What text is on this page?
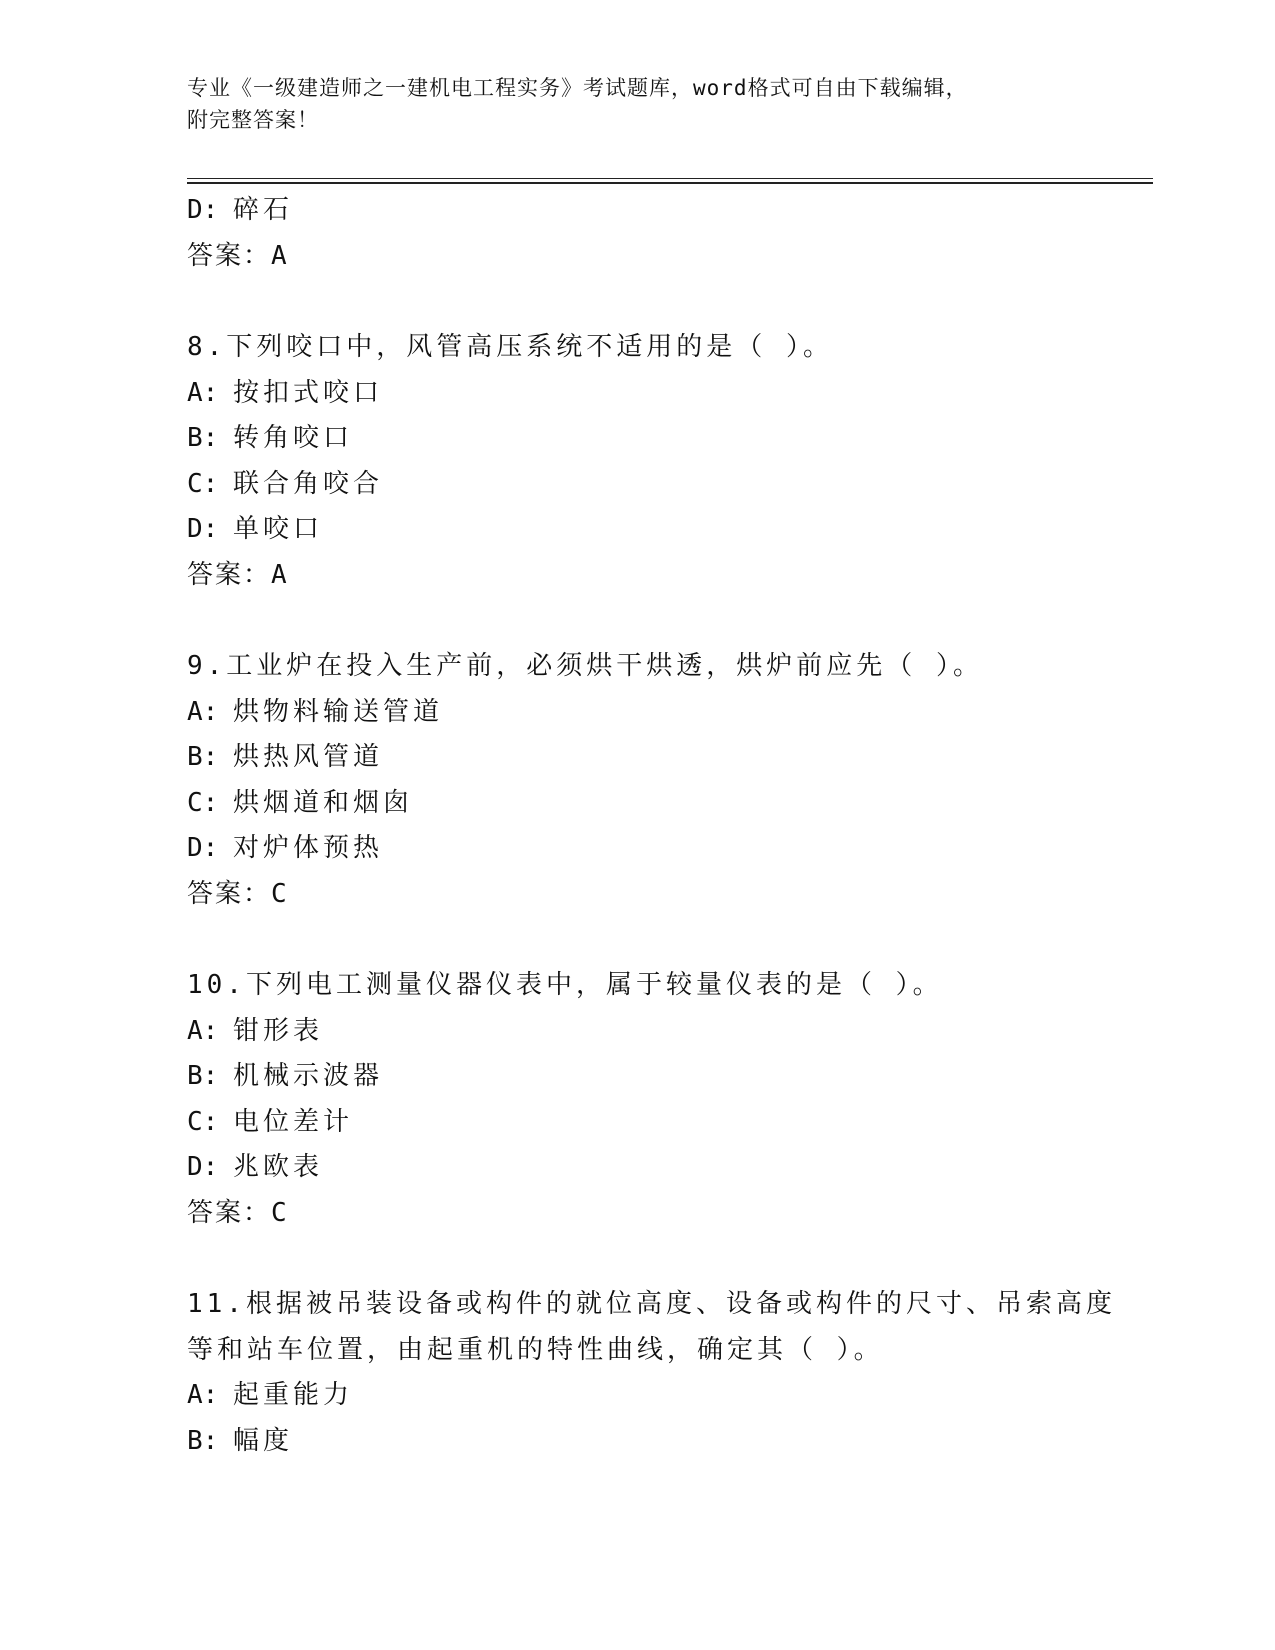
专业《一级建造师之一建机电工程实务》考试题库，word格式可自由下载编辑，
附完整答案！
D: 碎石
答案：A
8.下列咬口中，风管高压系统不适用的是（ ）。
A: 按扣式咬口
B: 转角咬口
C: 联合角咬合
D: 单咬口
答案：A
9.工业炉在投入生产前，必须烘干烘透，烘炉前应先（ ）。
A: 烘物料输送管道
B: 烘热风管道
C: 烘烟道和烟囱
D: 对炉体预热
答案：C
10.下列电工测量仪器仪表中，属于较量仪表的是（ ）。
A: 钳形表
B: 机械示波器
C: 电位差计
D: 兆欧表
答案：C
11.根据被吊装设备或构件的就位高度、设备或构件的尺寸、吊索高度
等和站车位置，由起重机的特性曲线，确定其（ ）。
A: 起重能力
B: 幅度
